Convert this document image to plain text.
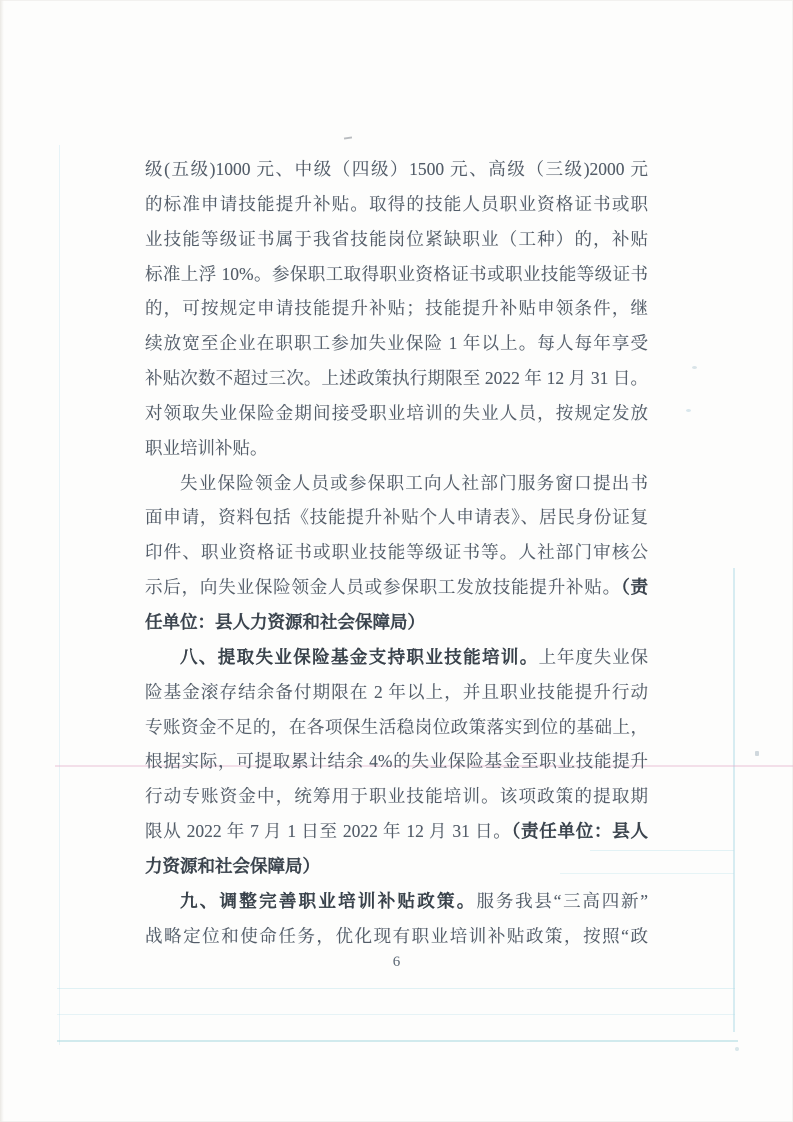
级(五级)1000 元、中级（四级）1500 元、高级（三级)2000 元
的标准申请技能提升补贴。取得的技能人员职业资格证书或职
业技能等级证书属于我省技能岗位紧缺职业（工种）的，补贴
标准上浮 10%。参保职工取得职业资格证书或职业技能等级证书
的，可按规定申请技能提升补贴；技能提升补贴申领条件，继
续放宽至企业在职职工参加失业保险 1 年以上。每人每年享受
补贴次数不超过三次。上述政策执行期限至 2022 年 12 月 31 日。
对领取失业保险金期间接受职业培训的失业人员，按规定发放
职业培训补贴。
失业保险领金人员或参保职工向人社部门服务窗口提出书
面申请，资料包括《技能提升补贴个人申请表》、居民身份证复
印件、职业资格证书或职业技能等级证书等。人社部门审核公
示后，向失业保险领金人员或参保职工发放技能提升补贴。（责
任单位：县人力资源和社会保障局）
八、提取失业保险基金支持职业技能培训。上年度失业保
险基金滚存结余备付期限在 2 年以上，并且职业技能提升行动
专账资金不足的，在各项保生活稳岗位政策落实到位的基础上，
根据实际，可提取累计结余 4%的失业保险基金至职业技能提升
行动专账资金中，统筹用于职业技能培训。该项政策的提取期
限从 2022 年 7 月 1 日至 2022 年 12 月 31 日。（责任单位：县人
力资源和社会保障局）
九、调整完善职业培训补贴政策。服务我县“三高四新”
战略定位和使命任务，优化现有职业培训补贴政策，按照“政
6
